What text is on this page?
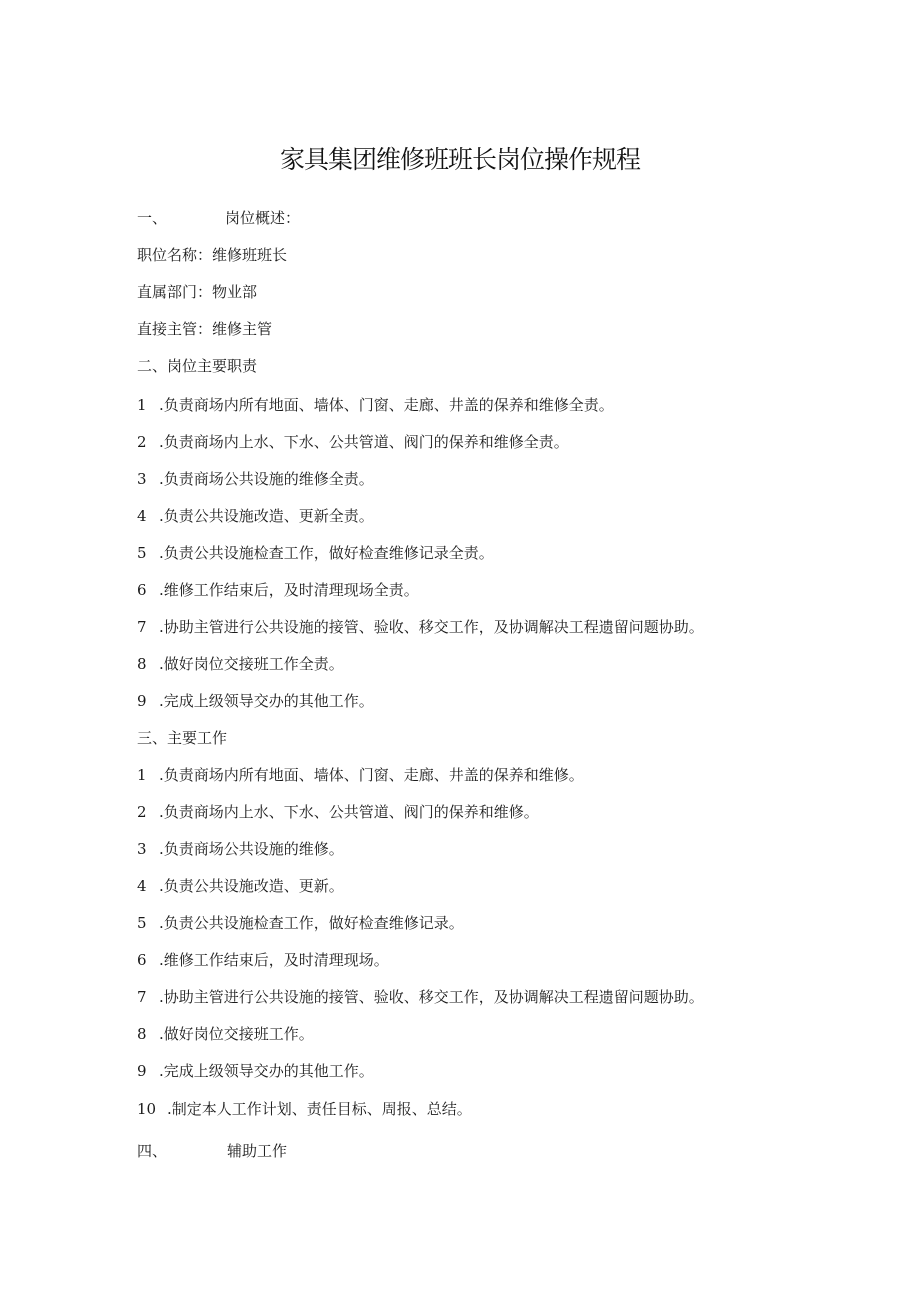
家具集团维修班班长岗位操作规程
一、	岗位概述：
职位名称：维修班班长
直属部门：物业部
直接主管：维修主管
二、岗位主要职责
1 .负责商场内所有地面、墙体、门窗、走廊、井盖的保养和维修全责。
2 .负责商场内上水、下水、公共管道、阀门的保养和维修全责。
3 .负责商场公共设施的维修全责。
4 .负责公共设施改造、更新全责。
5 .负责公共设施检查工作，做好检查维修记录全责。
6 .维修工作结束后，及时清理现场全责。
7 .协助主管进行公共设施的接管、验收、移交工作，及协调解决工程遗留问题协助。
8 .做好岗位交接班工作全责。
9 .完成上级领导交办的其他工作。
三、主要工作
1 .负责商场内所有地面、墙体、门窗、走廊、井盖的保养和维修。
2 .负责商场内上水、下水、公共管道、阀门的保养和维修。
3 .负责商场公共设施的维修。
4 .负责公共设施改造、更新。
5 .负责公共设施检查工作，做好检查维修记录。
6 .维修工作结束后，及时清理现场。
7 .协助主管进行公共设施的接管、验收、移交工作，及协调解决工程遗留问题协助。
8 .做好岗位交接班工作。
9 .完成上级领导交办的其他工作。
10 .制定本人工作计划、责任目标、周报、总结。
四、	辅助工作
